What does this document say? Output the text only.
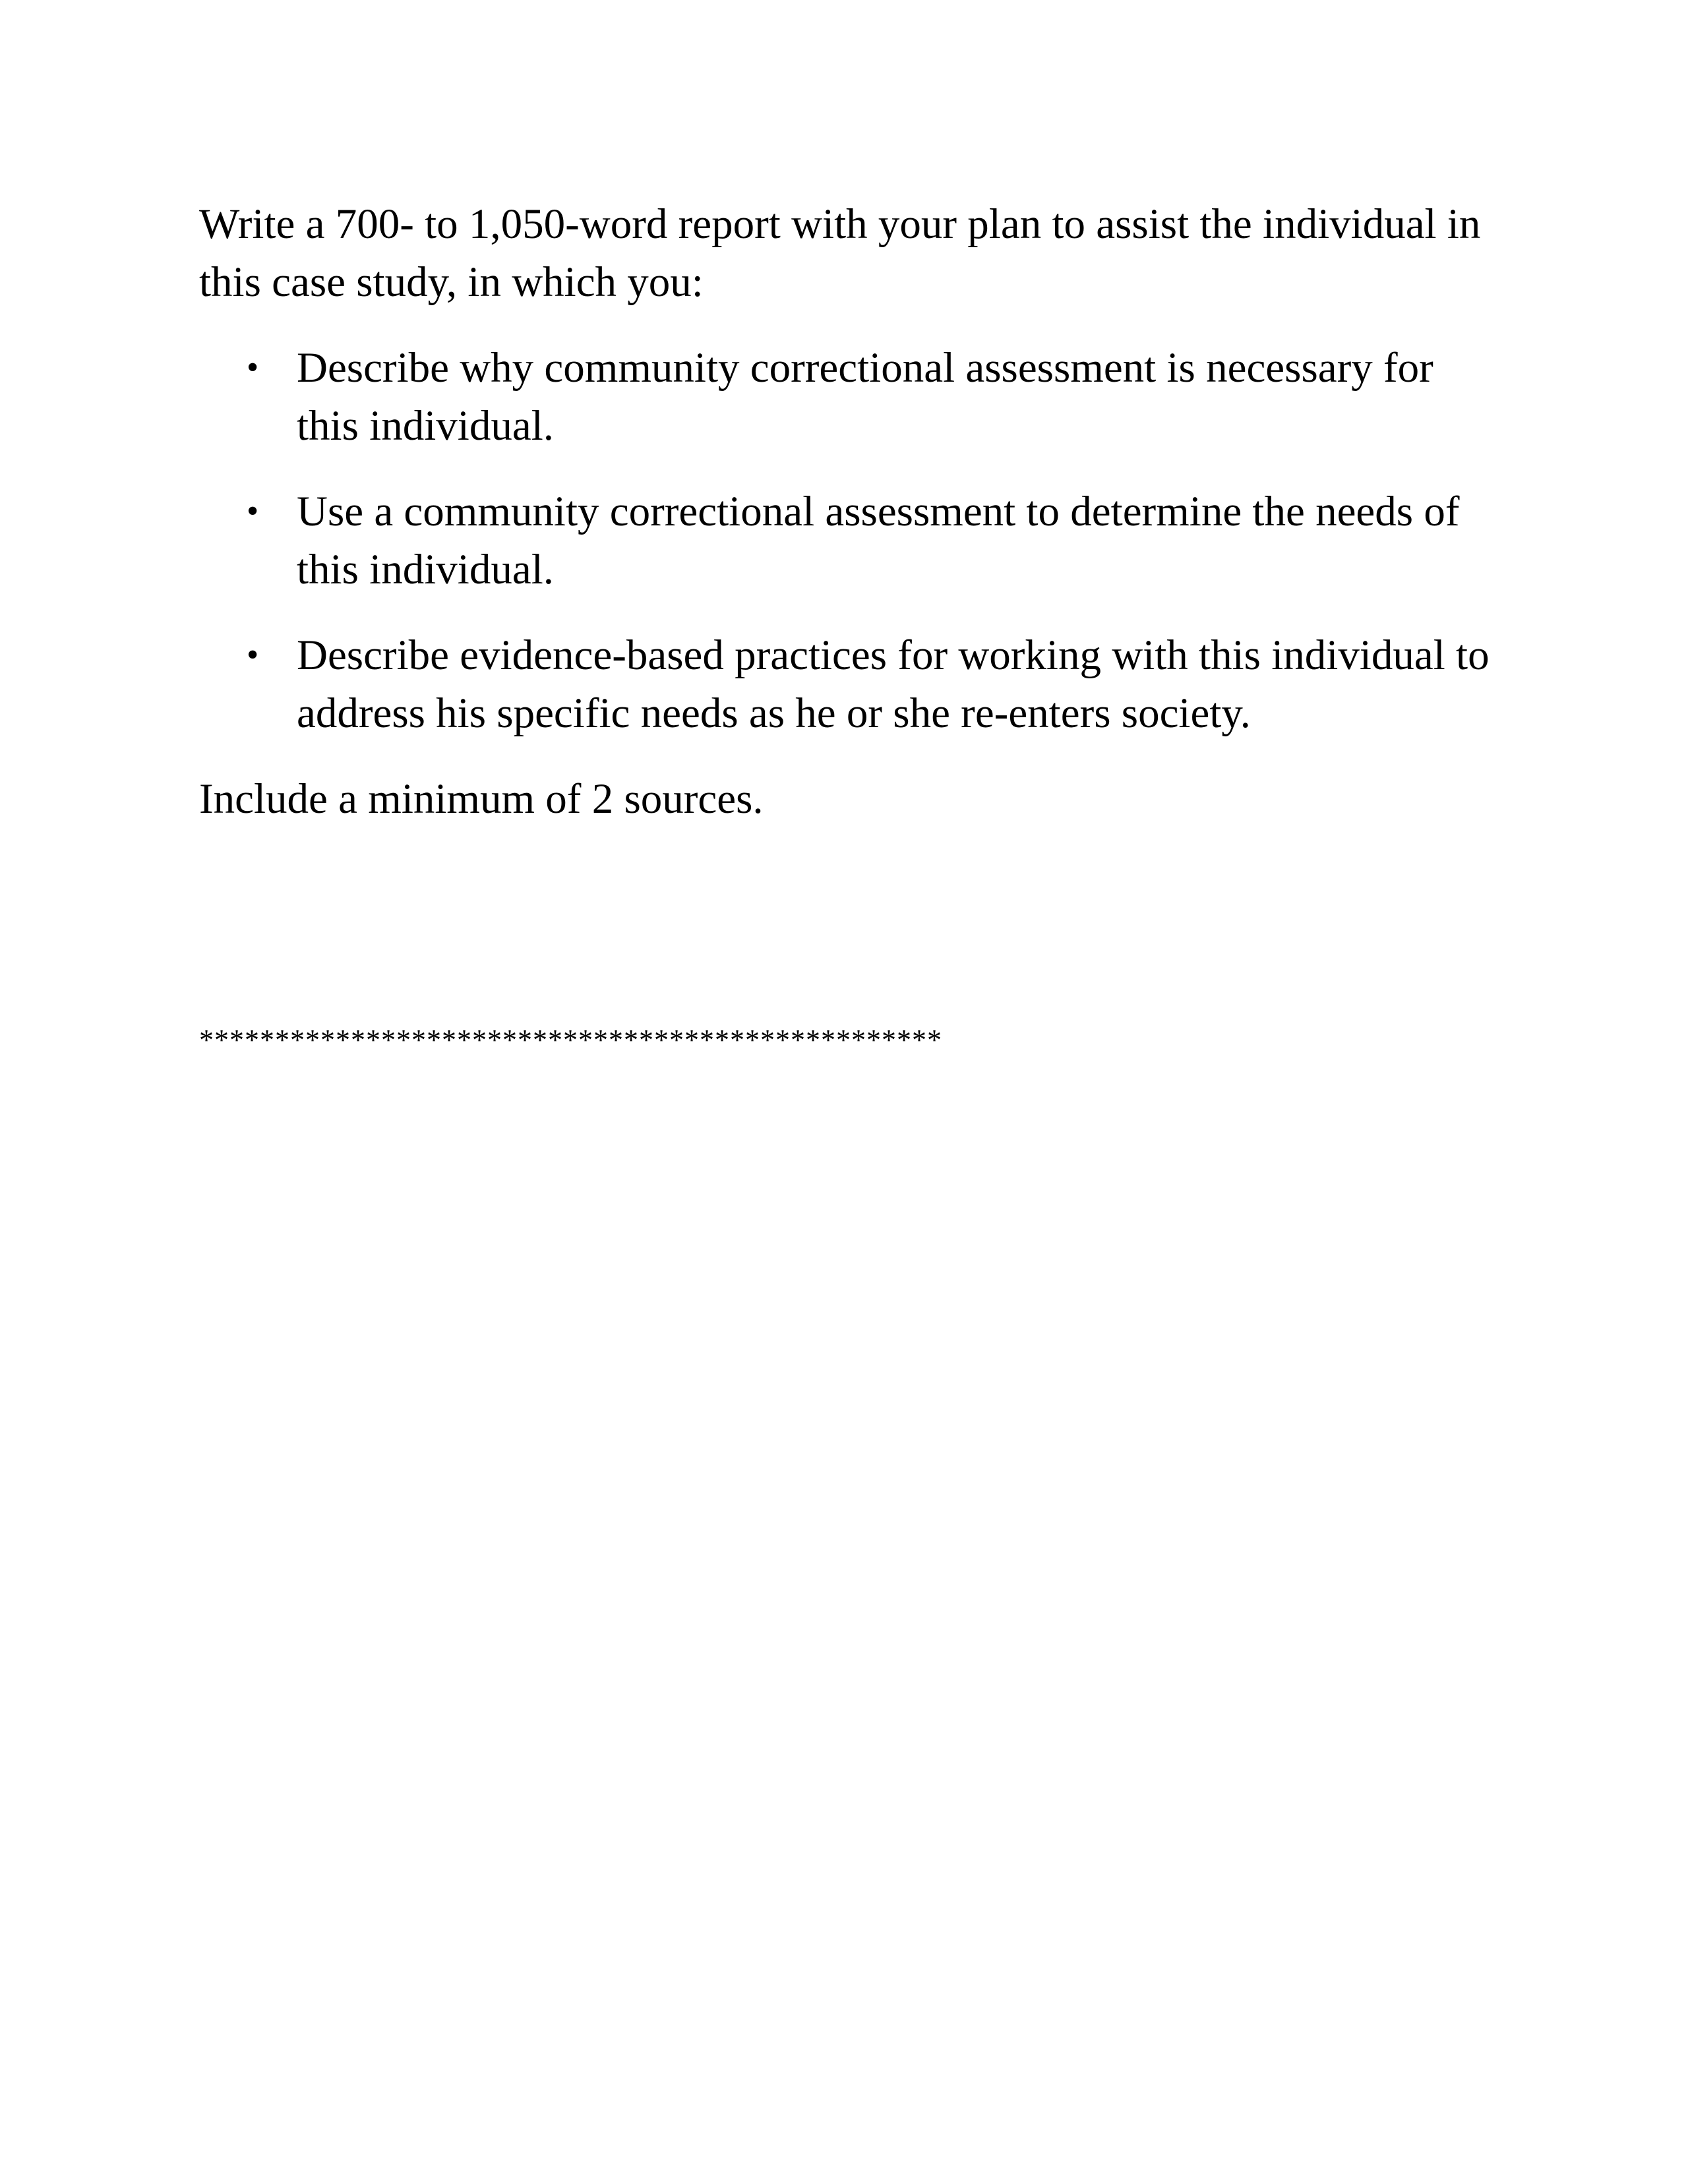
Write a 700- to 1,050-word report with your plan to assist the individual in this case study, in which you:

• Describe why community correctional assessment is necessary for this individual.
• Use a community correctional assessment to determine the needs of this individual.
• Describe evidence-based practices for working with this individual to address his specific needs as he or she re-enters society.

Include a minimum of 2 sources.

*************************************************
